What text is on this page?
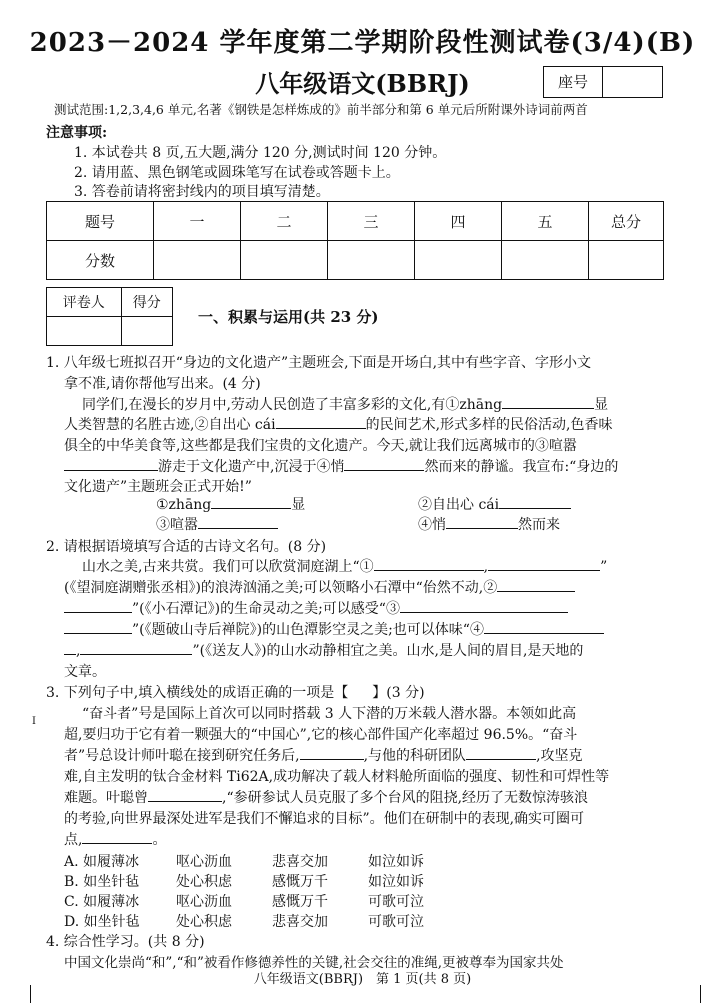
2023－2024 学年度第二学期阶段性测试卷(3/4)(B)
八年级语文(BBRJ)	座号
测试范围:1,2,3,4,6 单元,名著《钢铁是怎样炼成的》前半部分和第 6 单元后所附课外诗词前两首
注意事项:
1. 本试卷共 8 页,五大题,满分 120 分,测试时间 120 分钟。
2. 请用蓝、黑色钢笔或圆珠笔写在试卷或答题卡上。
3. 答卷前请将密封线内的项目填写清楚。
题号	一	二	三	四	五	总分
分数						
评卷人	得分

一、积累与运用(共 23 分)
1. 八年级七班拟召开“身边的文化遗产”主题班会,下面是开场白,其中有些字音、字形小文
拿不准,请你帮他写出来。(4 分)
同学们,在漫长的岁月中,劳动人民创造了丰富多彩的文化,有①zhāng	显
人类智慧的名胜古迹,②自出心 cái	的民间艺术,形式多样的民俗活动,色香味
俱全的中华美食等,这些都是我们宝贵的文化遗产。今天,就让我们远离城市的③喧嚣
游走于文化遗产中,沉浸于④悄	然而来的静谧。我宣布:“身边的
文化遗产”主题班会正式开始!”
①zhāng	显	②自出心 cái
③喧嚣	④悄	然而来
2. 请根据语境填写合适的古诗文名句。(8 分)
山水之美,古来共赏。我们可以欣赏洞庭湖上“①	,	”
(《望洞庭湖赠张丞相》)的浪涛汹涌之美;可以领略小石潭中“佁然不动,②
”(《小石潭记》)的生命灵动之美;可以感受“③
”(《题破山寺后禅院》)的山色潭影空灵之美;也可以体味“④
,	”(《送友人》)的山水动静相宜之美。山水,是人间的眉目,是天地的
文章。
3. 下列句子中,填入横线处的成语正确的一项是【 】(3 分)
“奋斗者”号是国际上首次可以同时搭载 3 人下潜的万米载人潜水器。本领如此高
超,要归功于它有着一颗强大的“中国心”,它的核心部件国产化率超过 96.5%。“奋斗
者”号总设计师叶聪在接到研究任务后,	,与他的科研团队	,攻坚克
难,自主发明的钛合金材料 Ti62A,成功解决了载人材料舱所面临的强度、韧性和可焊性等
难题。叶聪曾	,“参研参试人员克服了多个台风的阻挠,经历了无数惊涛骇浪
的考验,向世界最深处进军是我们不懈追求的目标”。他们在研制中的表现,确实可圈可
点,	。
A. 如履薄冰	呕心沥血	悲喜交加	如泣如诉
B. 如坐针毡	处心积虑	感慨万千	如泣如诉
C. 如履薄冰	呕心沥血	感慨万千	可歌可泣
D. 如坐针毡	处心积虑	悲喜交加	可歌可泣
4. 综合性学习。(共 8 分)
中国文化崇尚“和”,“和”被看作修德养性的关键,社会交往的准绳,更被尊奉为国家共处
八年级语文(BBRJ)　第 1 页(共 8 页)
I
